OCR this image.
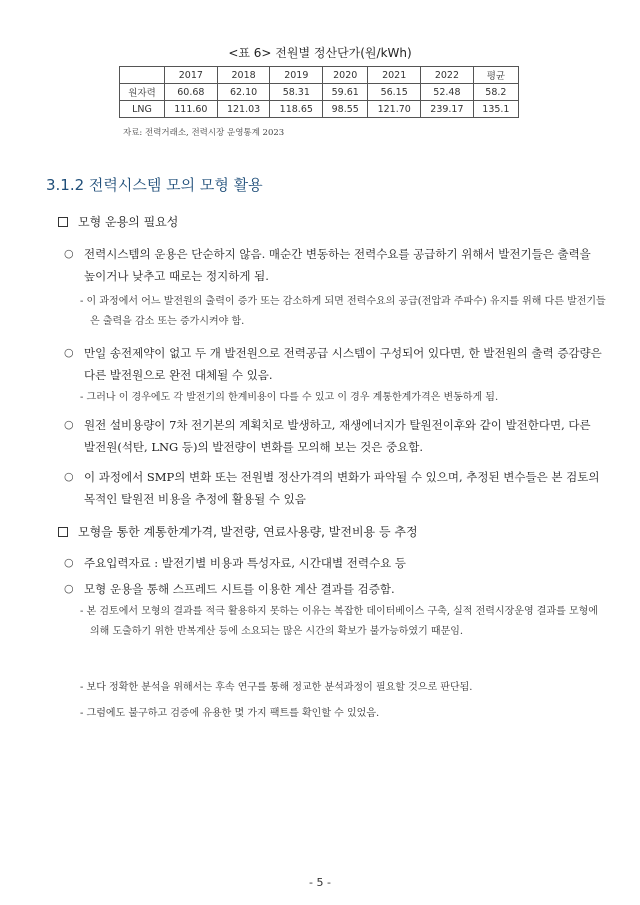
<표 6> 전원별 정산단가(원/kWh)
	2017	2018	2019	2020	2021	2022	평균
원자력	60.68	62.10	58.31	59.61	56.15	52.48	58.2
LNG	111.60	121.03	118.65	98.55	121.70	239.17	135.1
자료: 전력거래소, 전력시장 운영통계 2023
3.1.2 전력시스템 모의 모형 활용
모형 운용의 필요성
○ 전력시스템의 운용은 단순하지 않음. 매순간 변동하는 전력수요를 공급하기 위해서 발전기들은 출력을 높이거나 낮추고 때로는 정지하게 됨.
- 이 과정에서 어느 발전원의 출력이 증가 또는 감소하게 되면 전력수요의 공급(전압과 주파수) 유지를 위해 다른 발전기들은 출력을 감소 또는 증가시켜야 함.
○ 만일 송전제약이 없고 두 개 발전원으로 전력공급 시스템이 구성되어 있다면, 한 발전원의 출력 증감량은 다른 발전원으로 완전 대체될 수 있음.
- 그러나 이 경우에도 각 발전기의 한계비용이 다를 수 있고 이 경우 계통한계가격은 변동하게 됨.
○ 원전 설비용량이 7차 전기본의 계획치로 발생하고, 재생에너지가 탈원전이후와 같이 발전한다면, 다른 발전원(석탄, LNG 등)의 발전량이 변화를 모의해 보는 것은 중요함.
○ 이 과정에서 SMP의 변화 또는 전원별 정산가격의 변화가 파악될 수 있으며, 추정된 변수들은 본 검토의 목적인 탈원전 비용을 추정에 활용될 수 있음
모형을 통한 계통한계가격, 발전량, 연료사용량, 발전비용 등 추정
○ 주요입력자료 : 발전기별 비용과 특성자료, 시간대별 전력수요 등
○ 모형 운용을 통해 스프레드 시트를 이용한 계산 결과를 검증함.
- 본 검토에서 모형의 결과를 적극 활용하지 못하는 이유는 복잡한 데이터베이스 구축, 실적 전력시장운영 결과를 모형에 의해 도출하기 위한 반복계산 등에 소요되는 많은 시간의 확보가 불가능하였기 때문임.
- 보다 정확한 분석을 위해서는 후속 연구를 통해 정교한 분석과정이 필요할 것으로 판단됨.
- 그럼에도 불구하고 검증에 유용한 몇 가지 팩트를 확인할 수 있었음.
- 5 -
